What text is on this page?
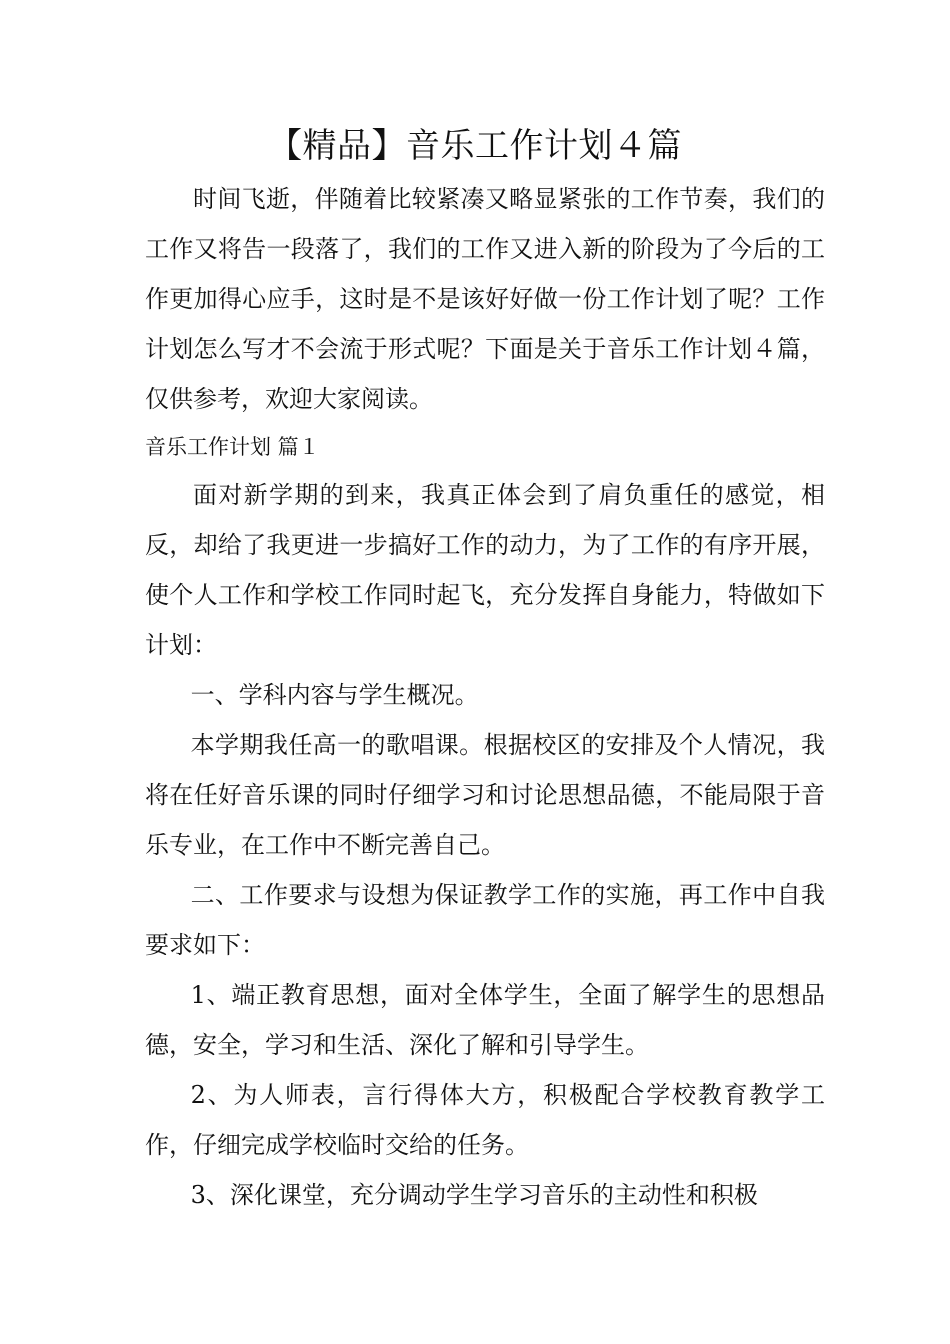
【精品】音乐工作计划４篇

时间飞逝，伴随着比较紧凑又略显紧张的工作节奏，我们的工作又将告一段落了，我们的工作又进入新的阶段为了今后的工作更加得心应手，这时是不是该好好做一份工作计划了呢？工作计划怎么写才不会流于形式呢？下面是关于音乐工作计划４篇，仅供参考，欢迎大家阅读。

音乐工作计划 篇１

面对新学期的到来，我真正体会到了肩负重任的感觉，相反，却给了我更进一步搞好工作的动力，为了工作的有序开展，使个人工作和学校工作同时起飞，充分发挥自身能力，特做如下计划：

一、学科内容与学生概况。

本学期我任高一的歌唱课。根据校区的安排及个人情况，我将在任好音乐课的同时仔细学习和讨论思想品德，不能局限于音乐专业，在工作中不断完善自己。

二、工作要求与设想为保证教学工作的实施，再工作中自我要求如下：

1、端正教育思想，面对全体学生，全面了解学生的思想品德，安全，学习和生活、深化了解和引导学生。

2、为人师表，言行得体大方，积极配合学校教育教学工作，仔细完成学校临时交给的任务。

3、深化课堂，充分调动学生学习音乐的主动性和积极
